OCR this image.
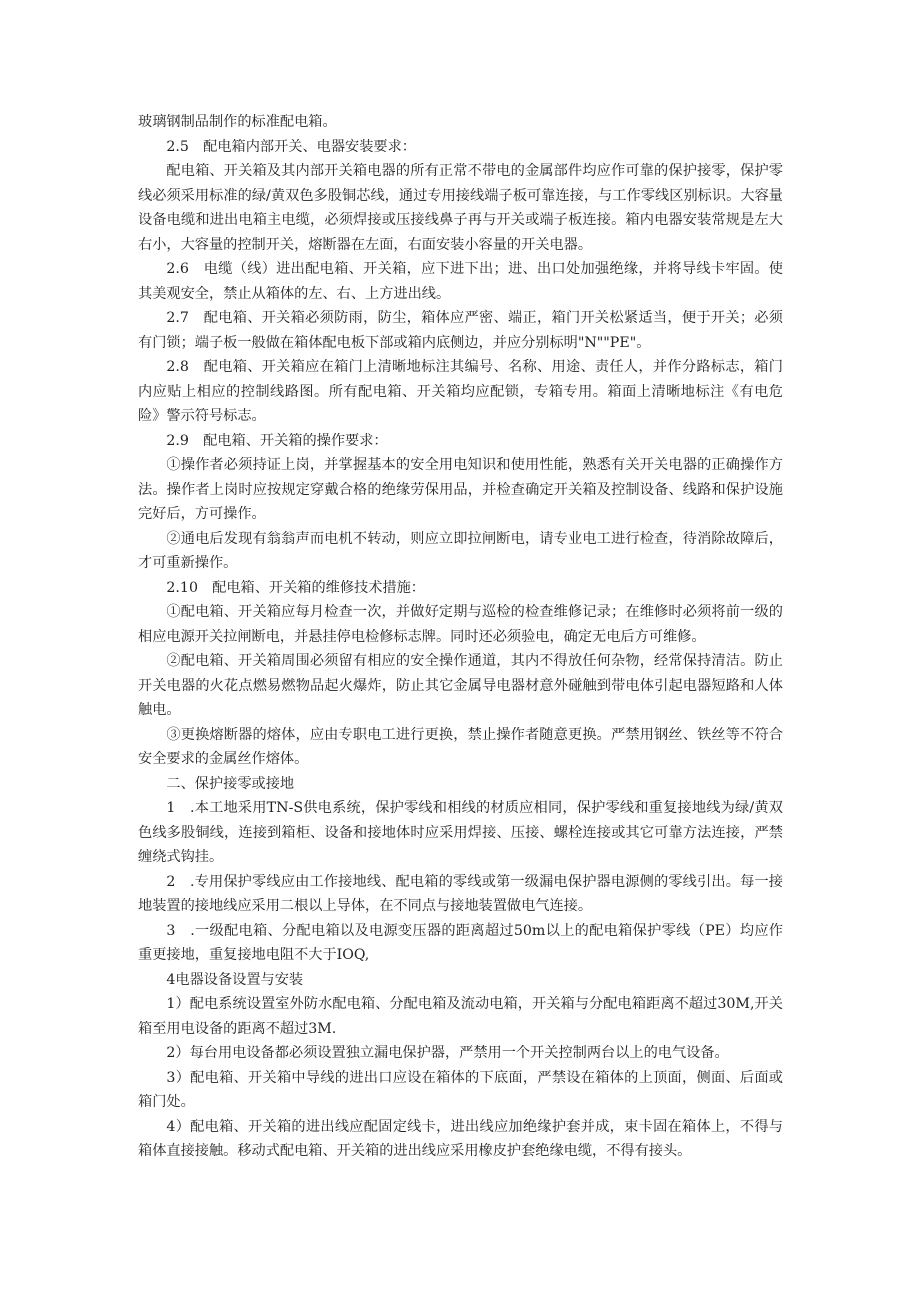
玻璃钢制品制作的标准配电箱。

2.5　配电箱内部开关、电器安装要求：

配电箱、开关箱及其内部开关箱电器的所有正常不带电的金属部件均应作可靠的保护接零，保护零线必须采用标准的绿/黄双色多股铜芯线，通过专用接线端子板可靠连接，与工作零线区别标识。大容量设备电缆和进出电箱主电缆，必须焊接或压接线鼻子再与开关或端子板连接。箱内电器安装常规是左大右小，大容量的控制开关，熔断器在左面，右面安装小容量的开关电器。

2.6　电缆（线）进出配电箱、开关箱，应下进下出；进、出口处加强绝缘，并将导线卡牢固。使其美观安全，禁止从箱体的左、右、上方进出线。

2.7　配电箱、开关箱必须防雨，防尘，箱体应严密、端正，箱门开关松紧适当，便于开关；必须有门锁；端子板一般做在箱体配电板下部或箱内底侧边，并应分别标明"N""PE"。

2.8　配电箱、开关箱应在箱门上清晰地标注其编号、名称、用途、责任人，并作分路标志，箱门内应贴上相应的控制线路图。所有配电箱、开关箱均应配锁，专箱专用。箱面上清晰地标注《有电危险》警示符号标志。

2.9　配电箱、开关箱的操作要求：

①操作者必须持证上岗，并掌握基本的安全用电知识和使用性能，熟悉有关开关电器的正确操作方法。操作者上岗时应按规定穿戴合格的绝缘劳保用品，并检查确定开关箱及控制设备、线路和保护设施完好后，方可操作。

②通电后发现有翁翁声而电机不转动，则应立即拉闸断电，请专业电工进行检查，待消除故障后，才可重新操作。

2.10　配电箱、开关箱的维修技术措施：

①配电箱、开关箱应每月检查一次，并做好定期与巡检的检查维修记录；在维修时必须将前一级的相应电源开关拉闸断电，并悬挂停电检修标志牌。同时还必须验电，确定无电后方可维修。

②配电箱、开关箱周围必须留有相应的安全操作通道，其内不得放任何杂物，经常保持清洁。防止开关电器的火花点燃易燃物品起火爆炸，防止其它金属导电器材意外碰触到带电体引起电器短路和人体触电。

③更换熔断器的熔体，应由专职电工进行更换，禁止操作者随意更换。严禁用钢丝、铁丝等不符合安全要求的金属丝作熔体。

二、保护接零或接地

1　.本工地采用TN-S供电系统，保护零线和相线的材质应相同，保护零线和重复接地线为绿/黄双色线多股铜线，连接到箱柜、设备和接地体时应采用焊接、压接、螺栓连接或其它可靠方法连接，严禁缠绕式钩挂。

2　.专用保护零线应由工作接地线、配电箱的零线或第一级漏电保护器电源侧的零线引出。每一接地装置的接地线应采用二根以上导体，在不同点与接地装置做电气连接。

3　.一级配电箱、分配电箱以及电源变压器的距离超过50m以上的配电箱保护零线（PE）均应作重更接地，重复接地电阻不大于IOQ,

4电器设备设置与安装

1）配电系统设置室外防水配电箱、分配电箱及流动电箱，开关箱与分配电箱距离不超过30M,开关箱至用电设备的距离不超过3M.

2）每台用电设备都必须设置独立漏电保护器，严禁用一个开关控制两台以上的电气设备。

3）配电箱、开关箱中导线的进出口应设在箱体的下底面，严禁设在箱体的上顶面，侧面、后面或箱门处。

4）配电箱、开关箱的进出线应配固定线卡，进出线应加绝缘护套并成，束卡固在箱体上，不得与箱体直接接触。移动式配电箱、开关箱的进出线应采用橡皮护套绝缘电缆，不得有接头。
